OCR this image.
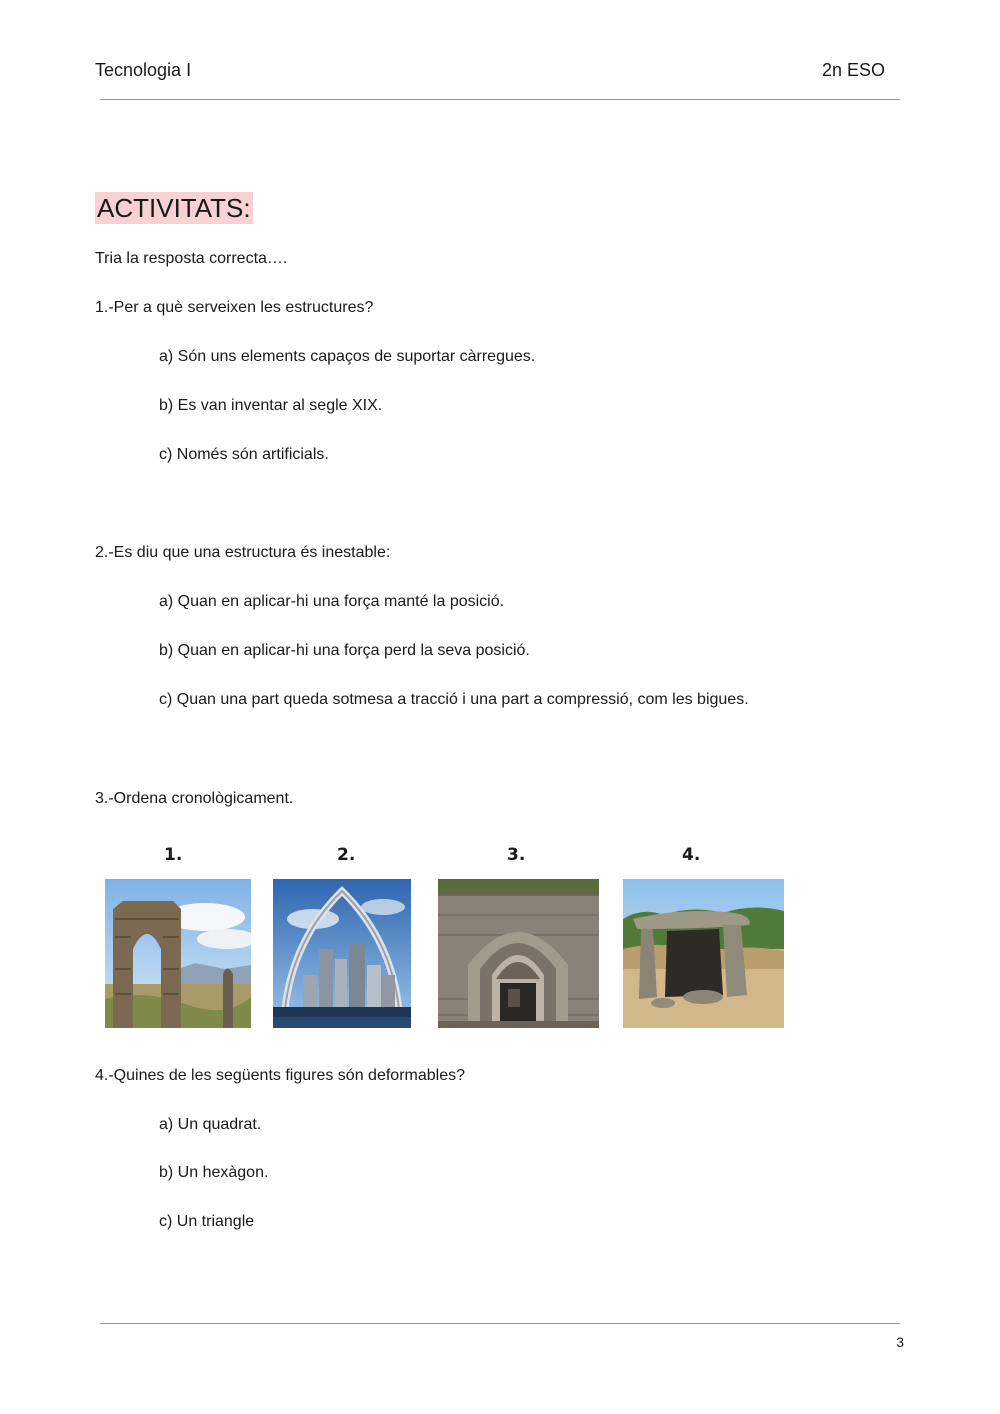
Tecnologia I	2n ESO
ACTIVITATS:
Tria la resposta correcta….
1.-Per a què serveixen les estructures?
a) Són uns elements capaços de suportar càrregues.
b) Es van inventar al segle XIX.
c) Només són artificials.
2.-Es diu que una estructura és inestable:
a) Quan en aplicar-hi una força manté la posició.
b) Quan en aplicar-hi una força perd la seva posició.
c) Quan una part queda sotmesa a tracció i una part a compressió, com les bigues.
3.-Ordena cronològicament.
1.	2.	3.	4.
4.-Quines de les següents figures són deformables?
a) Un quadrat.
b) Un hexàgon.
c) Un triangle
3
